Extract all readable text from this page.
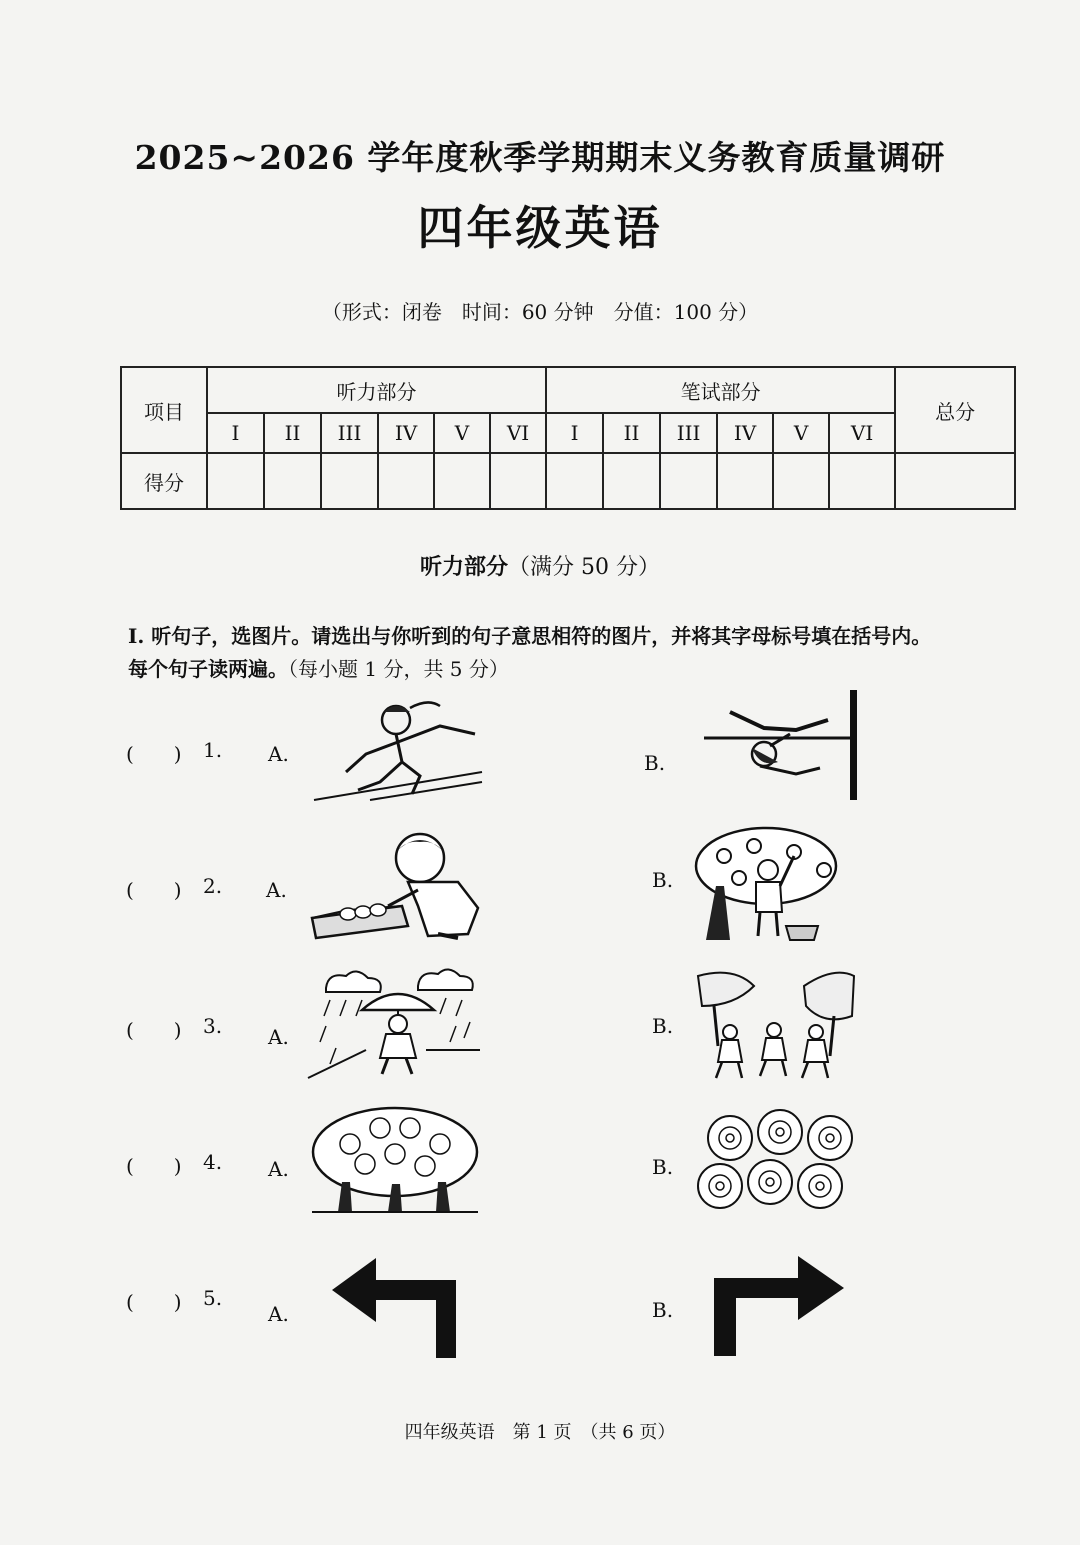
2025~2026 学年度秋季学期期末义务教育质量调研
四年级英语
（形式：闭卷　时间：60 分钟　分值：100 分）
项目	听力部分						笔试部分						总分
	I	II	III	IV	V	VI	I	II	III	IV	V	VI	
得分													
听力部分（满分 50 分）
I. 听句子，选图片。请选出与你听到的句子意思相符的图片，并将其字母标号填在括号内。
每个句子读两遍。（每小题 1 分，共 5 分）
(　　) 1. A.	B.
(　　) 2. A.	B.
(　　) 3. A.	B.
(　　) 4. A.	B.
(　　) 5.
A.	B.
四年级英语　第 1 页　（共 6 页）
